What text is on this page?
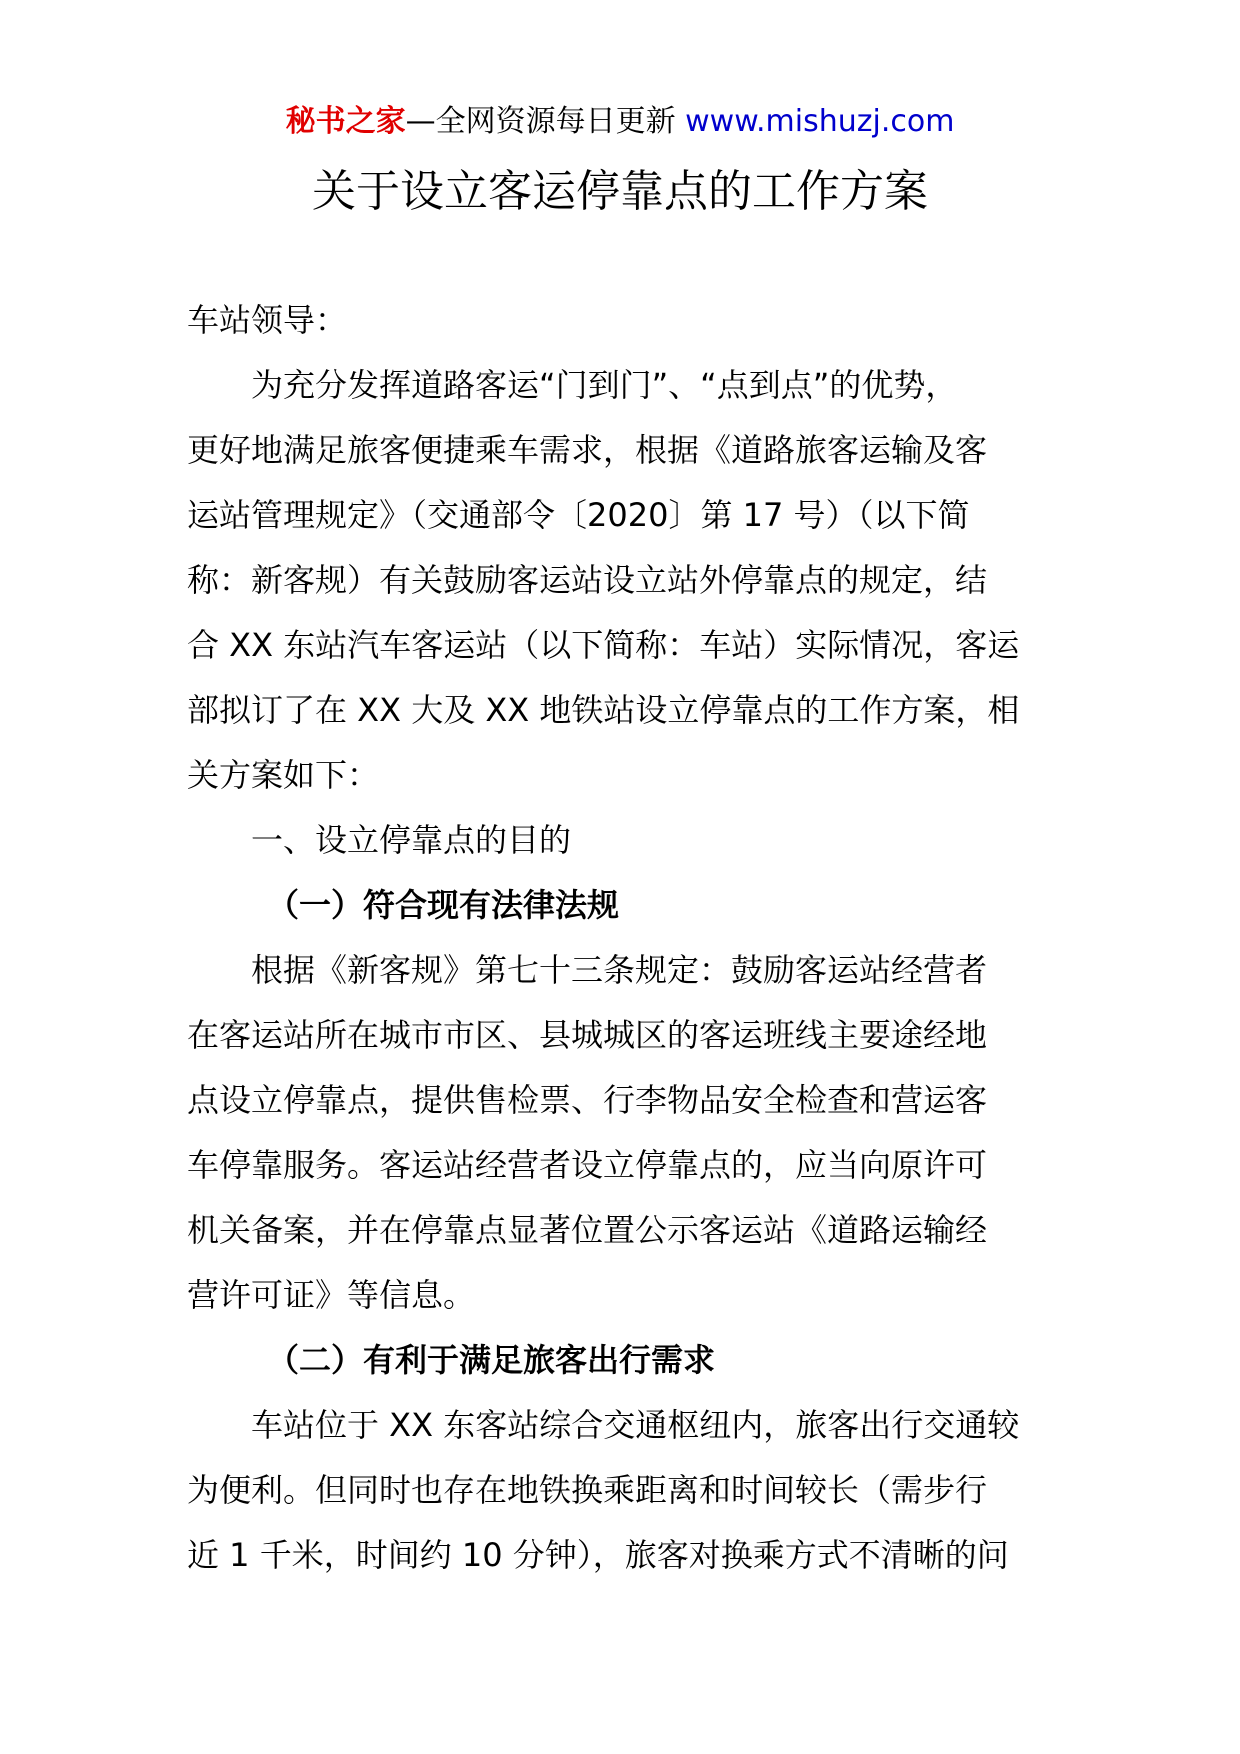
秘书之家—全网资源每日更新 www.mishuzj.com
关于设立客运停靠点的工作方案

车站领导：

为充分发挥道路客运“门到门”、“点到点”的优势，
更好地满足旅客便捷乘车需求，根据《道路旅客运输及客
运站管理规定》（交通部令〔2020〕第 17 号）（以下简
称：新客规）有关鼓励客运站设立站外停靠点的规定，结
合 XX 东站汽车客运站（以下简称：车站）实际情况，客运
部拟订了在 XX 大及 XX 地铁站设立停靠点的工作方案，相
关方案如下：

一、设立停靠点的目的

（一）符合现有法律法规

根据《新客规》第七十三条规定：鼓励客运站经营者
在客运站所在城市市区、县城城区的客运班线主要途经地
点设立停靠点，提供售检票、行李物品安全检查和营运客
车停靠服务。客运站经营者设立停靠点的，应当向原许可
机关备案，并在停靠点显著位置公示客运站《道路运输经
营许可证》等信息。

（二）有利于满足旅客出行需求

车站位于 XX 东客站综合交通枢纽内，旅客出行交通较
为便利。但同时也存在地铁换乘距离和时间较长（需步行
近 1 千米，时间约 10 分钟），旅客对换乘方式不清晰的问
